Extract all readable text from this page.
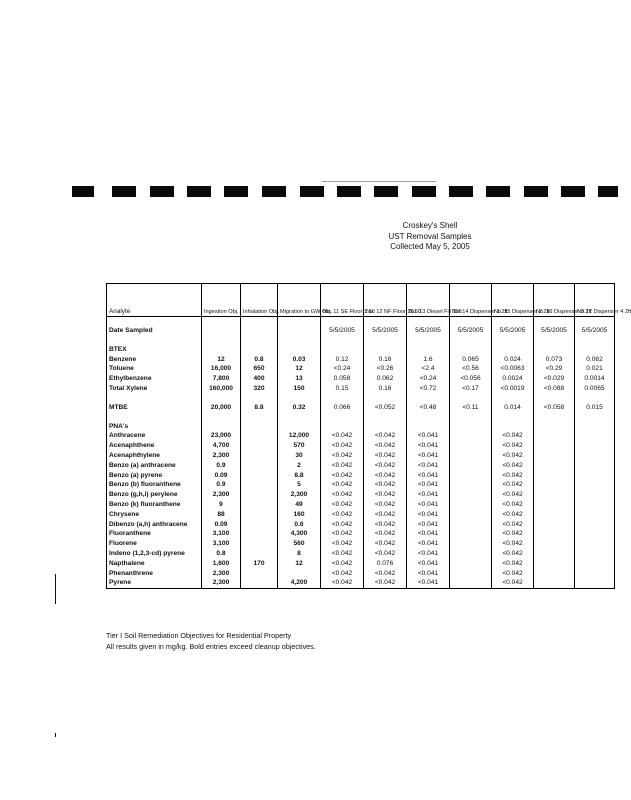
Croskey's Shell
UST Removal Samples
Collected May 5, 2005
Analyte	Ingestion Obj.	Inhalation Obj.	Migration to GW Obj.	No. 11 SE Floor 1.50	No. 12 NF Floor 11.50	No. 13 Diesel Fill 11ft	No. 14 Dispenser 1 2ft	No. 15 Dispenser 2 2ft	No. 16 Dispenser 3 2ft	No.17 Dispenser 4 2ft

Date Sampled				5/5/2005	5/5/2005	5/5/2005	5/5/2005	5/5/2005	5/5/2005	5/5/2005

BTEX										
Benzene	12	0.8	0.03	0.12	0.16	1.6	0.065	0.024	0.073	0.062
Toluene	16,000	650	12	<0.24	<0.26	<2.4	<0.56	<0.0063	<0.29	0.021
Ethylbenzene	7,800	400	13	0.058	0.062	<0.24	<0.056	0.0024	<0.029	0.0014
Total Xylene	160,000	320	150	0.15	0.16	<0.72	<0.17	<0.0019	<0.088	0.0065

MTBE	20,000	8.8	0.32	0.066	<0.052	<0.48	<0.11	0.014	<0.058	0.015

PNA's										
Anthracene	23,000		12,000	<0.042	<0.042	<0.041		<0.042		
Acenaphthene	4,700		570	<0.042	<0.042	<0.041		<0.042		
Acenaphthylene	2,300		30	<0.042	<0.042	<0.041		<0.042		
Benzo (a) anthracene	0.9		2	<0.042	<0.042	<0.041		<0.042		
Benzo (a) pyrene	0.09		8.8	<0.042	<0.042	<0.041		<0.042		
Benzo (b) fluoranthene	0.9		5	<0.042	<0.042	<0.041		<0.042		
Benzo (g,h,i) perylene	2,300		2,300	<0.042	<0.042	<0.041		<0.042		
Benzo (k) fluoranthene	9		49	<0.042	<0.042	<0.041		<0.042		
Chrysene	88		160	<0.042	<0.042	<0.041		<0.042		
Dibenzo (a,h) anthracene	0.09		0.6	<0.042	<0.042	<0.041		<0.042		
Fluoranthene	3,100		4,300	<0.042	<0.042	<0.041		<0.042		
Fluorene	3,100		560	<0.042	<0.042	<0.041		<0.042		
Indeno (1,2,3-cd) pyrene	0.8		8	<0.042	<0.042	<0.041		<0.042		
Napthalene	1,600	170	12	<0.042	0.076	<0.041		<0.042		
Phenanthrene	2,300			<0.042	<0.042	<0.041		<0.042		
Pyrene	2,300		4,200	<0.042	<0.042	<0.041		<0.042		
Tier I Soil Remediation Objectives for Residential Property
All results given in mg/kg. Bold entries exceed cleanup objectives.
